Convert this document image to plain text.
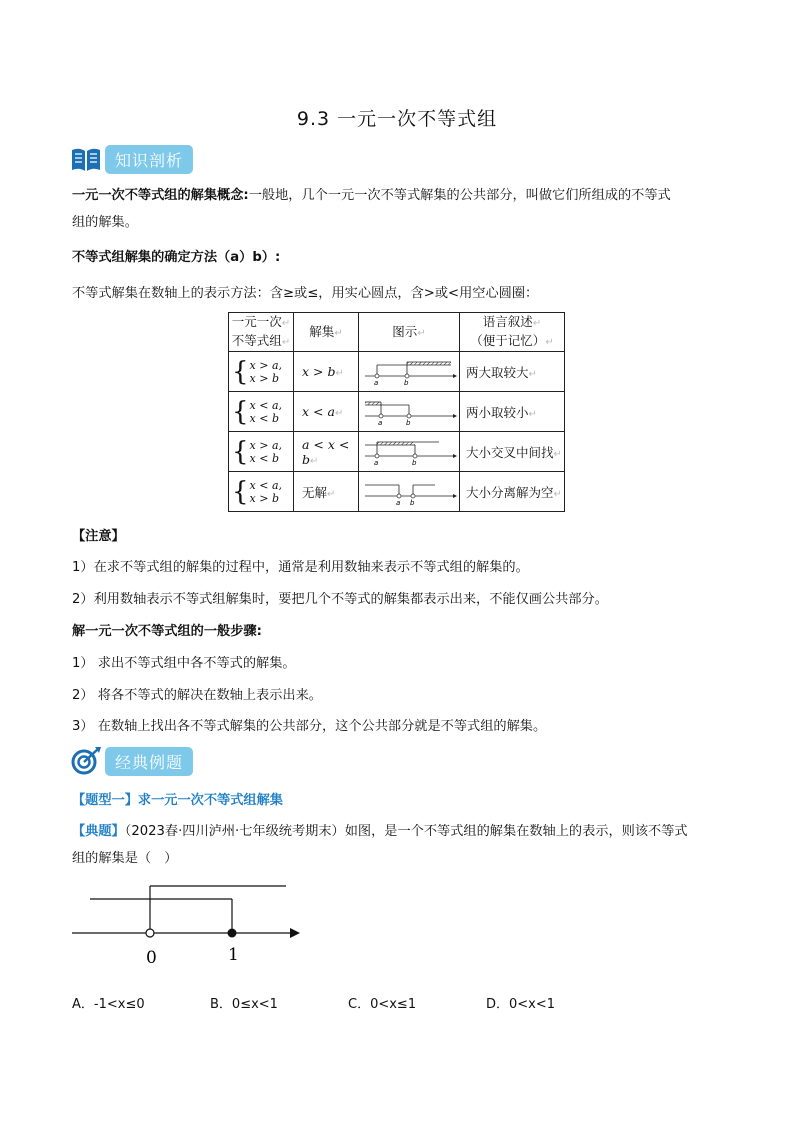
9.3 一元一次不等式组
知识剖析
一元一次不等式组的解集概念:一般地，几个一元一次不等式解集的公共部分，叫做它们所组成的不等式
组的解集。
不等式组解集的确定方法（a）b）:
不等式解集在数轴上的表示方法：含≥或≤，用实心圆点，含>或<用空心圆圈：
一元一次↵
不等式组↵	解集↵	图示↵	语言叙述↵
（便于记忆）↵

{ x > a,
x > b	x > b↵	a b	两大取较大↵

{ x < a,
x < b	x < a↵	a b	两小取较小↵

{ x > a,
x < b	a < x < b↵	a b	大小交叉中间找↵

{ x < a,
x > b	无解↵	a b	大小分离解为空↵
【注意】
1）在求不等式组的解集的过程中，通常是利用数轴来表示不等式组的解集的。
2）利用数轴表示不等式组解集时，要把几个不等式的解集都表示出来，不能仅画公共部分。
解一元一次不等式组的一般步骤:
1） 求出不等式组中各不等式的解集。
2） 将各不等式的解决在数轴上表示出来。
3） 在数轴上找出各不等式解集的公共部分，这个公共部分就是不等式组的解集。
经典例题
【题型一】求一元一次不等式组解集
【典题】（2023春·四川泸州·七年级统考期末）如图，是一个不等式组的解集在数轴上的表示，则该不等式
组的解集是（　）
0	1
A．-1<x≤0	B．0≤x<1	C．0<x≤1	D．0<x<1
